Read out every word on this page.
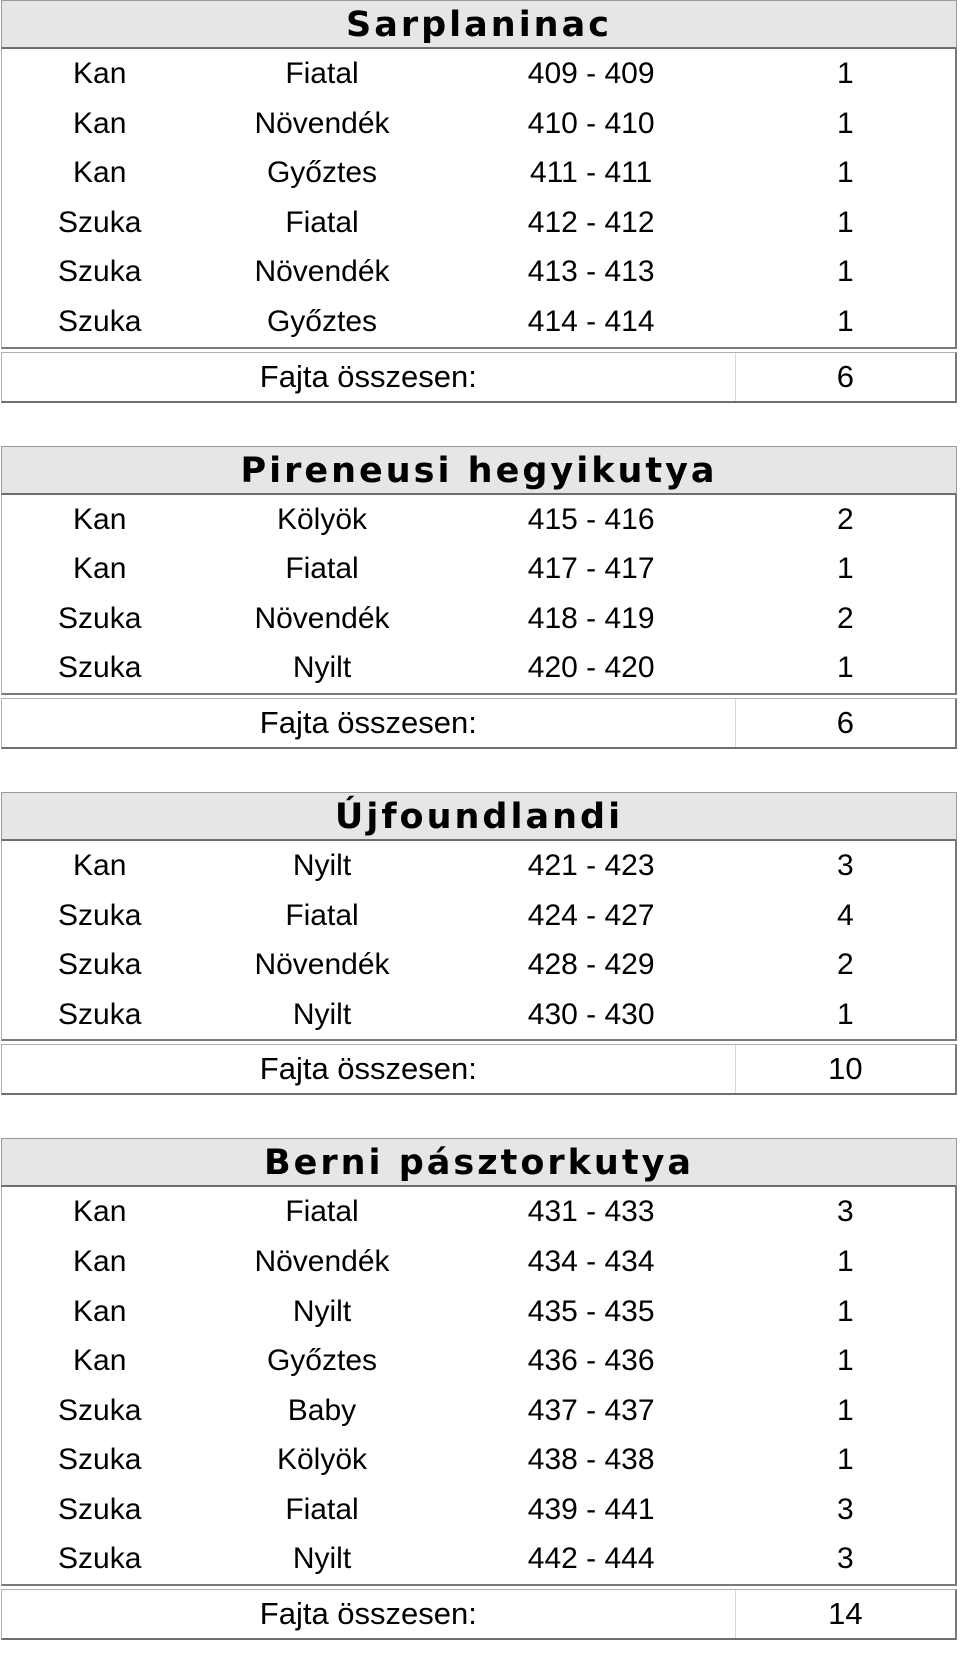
Sarplaninac
Kan	Fiatal	409 - 409	1
Kan	Növendék	410 - 410	1
Kan	Győztes	411 - 411	1
Szuka	Fiatal	412 - 412	1
Szuka	Növendék	413 - 413	1
Szuka	Győztes	414 - 414	1
Fajta összesen:	6
Pireneusi hegyikutya
Kan	Kölyök	415 - 416	2
Kan	Fiatal	417 - 417	1
Szuka	Növendék	418 - 419	2
Szuka	Nyilt	420 - 420	1
Fajta összesen:	6
Újfoundlandi
Kan	Nyilt	421 - 423	3
Szuka	Fiatal	424 - 427	4
Szuka	Növendék	428 - 429	2
Szuka	Nyilt	430 - 430	1
Fajta összesen:	10
Berni pásztorkutya
Kan	Fiatal	431 - 433	3
Kan	Növendék	434 - 434	1
Kan	Nyilt	435 - 435	1
Kan	Győztes	436 - 436	1
Szuka	Baby	437 - 437	1
Szuka	Kölyök	438 - 438	1
Szuka	Fiatal	439 - 441	3
Szuka	Nyilt	442 - 444	3
Fajta összesen:	14
